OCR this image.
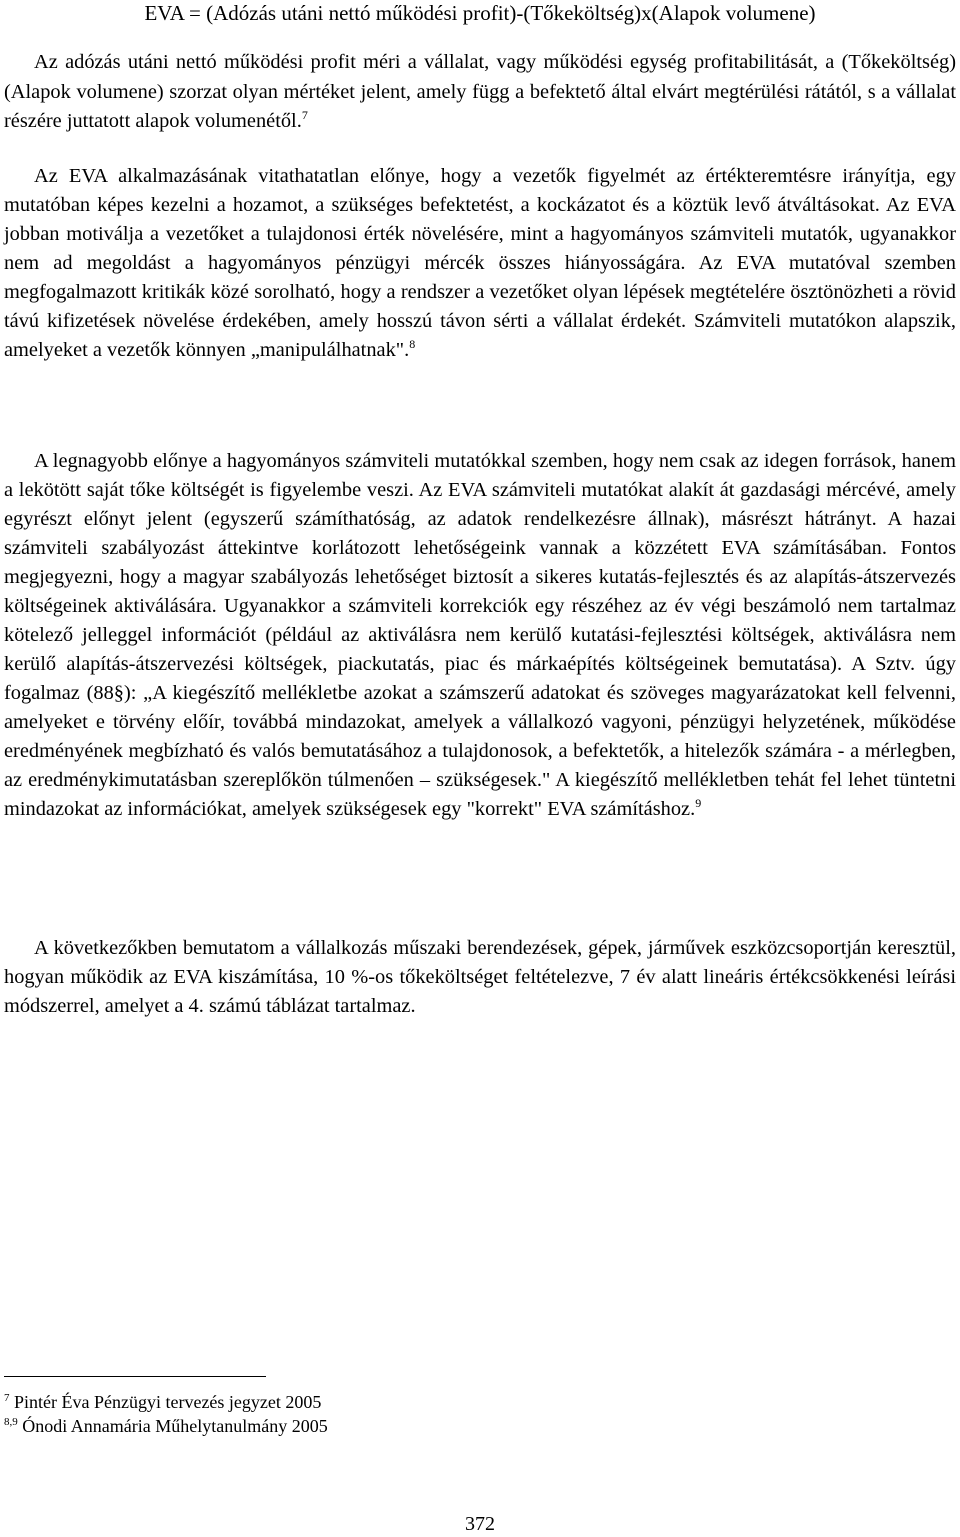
EVA = (Adózás utáni nettó működési profit)-(Tőkeköltség)x(Alapok volumene)

Az adózás utáni nettó működési profit méri a vállalat, vagy működési egység profitabilitását, a (Tőkeköltség)(Alapok volumene) szorzat olyan mértéket jelent, amely függ a befektető által elvárt megtérülési rátától, s a vállalat részére juttatott alapok volumenétől.$^7$

Az EVA alkalmazásának vitathatatlan előnye, hogy a vezetők figyelmét az értékteremtésre irányítja, egy mutatóban képes kezelni a hozamot, a szükséges befektetést, a kockázatot és a köztük levő átváltásokat. Az EVA jobban motiválja a vezetőket a tulajdonosi érték növelésére, mint a hagyományos számviteli mutatók, ugyanakkor nem ad megoldást a hagyományos pénzügyi mércék összes hiányosságára. Az EVA mutatóval szemben megfogalmazott kritikák közé sorolható, hogy a rendszer a vezetőket olyan lépések megtételére ösztönözheti a rövid távú kifizetések növelése érdekében, amely hosszú távon sérti a vállalat érdekét. Számviteli mutatókon alapszik, amelyeket a vezetők könnyen „manipulálhatnak".$^8$

A legnagyobb előnye a hagyományos számviteli mutatókkal szemben, hogy nem csak az idegen források, hanem a lekötött saját tőke költségét is figyelembe veszi. Az EVA számviteli mutatókat alakít át gazdasági mércévé, amely egyrészt előnyt jelent (egyszerű számíthatóság, az adatok rendelkezésre állnak), másrészt hátrányt. A hazai számviteli szabályozást áttekintve korlátozott lehetőségeink vannak a közzétett EVA számításában. Fontos megjegyezni, hogy a magyar szabályozás lehetőséget biztosít a sikeres kutatás-fejlesztés és az alapítás-átszervezés költségeinek aktiválására. Ugyanakkor a számviteli korrekciók egy részéhez az év végi beszámoló nem tartalmaz kötelező jelleggel információt (például az aktiválásra nem kerülő kutatási-fejlesztési költségek, aktiválásra nem kerülő alapítás-átszervezési költségek, piackutatás, piac és márkaépítés költségeinek bemutatása). A Sztv. úgy fogalmaz (88§): „A kiegészítő mellékletbe azokat a számszerű adatokat és szöveges magyarázatokat kell felvenni, amelyeket e törvény előír, továbbá mindazokat, amelyek a vállalkozó vagyoni, pénzügyi helyzetének, működése eredményének megbízható és valós bemutatásához a tulajdonosok, a befektetők, a hitelezők számára - a mérlegben, az eredménykimutatásban szereplőkön túlmenően – szükségesek." A kiegészítő mellékletben tehát fel lehet tüntetni mindazokat az információkat, amelyek szükségesek egy "korrekt" EVA számításhoz.$^9$

A következőkben bemutatom a vállalkozás műszaki berendezések, gépek, járművek eszközcsoportján keresztül, hogyan működik az EVA kiszámítása, 10 %-os tőkeköltséget feltételezve, 7 év alatt lineáris értékcsökkenési leírási módszerrel, amelyet a 4. számú táblázat tartalmaz.

$^7$ Pintér Éva Pénzügyi tervezés jegyzet 2005
$^{8,9}$ Ónodi Annamária Műhelytanulmány 2005
372
